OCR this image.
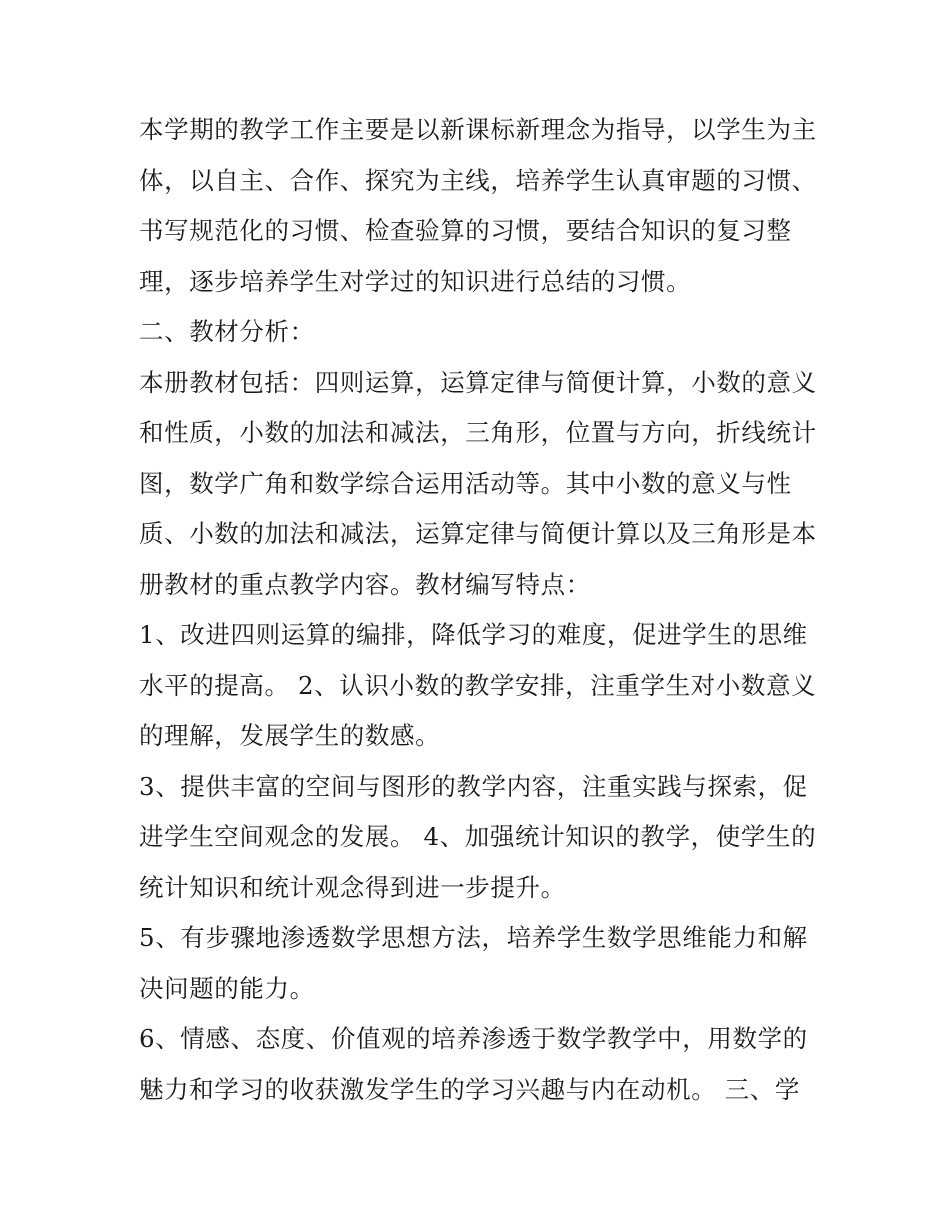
本学期的教学工作主要是以新课标新理念为指导，以学生为主
体，以自主、合作、探究为主线，培养学生认真审题的习惯、
书写规范化的习惯、检查验算的习惯，要结合知识的复习整
理，逐步培养学生对学过的知识进行总结的习惯。
二、教材分析：
本册教材包括：四则运算，运算定律与简便计算，小数的意义
和性质，小数的加法和减法，三角形，位置与方向，折线统计
图，数学广角和数学综合运用活动等。其中小数的意义与性
质、小数的加法和减法，运算定律与简便计算以及三角形是本
册教材的重点教学内容。教材编写特点：
1、改进四则运算的编排，降低学习的难度，促进学生的思维
水平的提高。 2、认识小数的教学安排，注重学生对小数意义
的理解，发展学生的数感。
3、提供丰富的空间与图形的教学内容，注重实践与探索，促
进学生空间观念的发展。 4、加强统计知识的教学，使学生的
统计知识和统计观念得到进一步提升。
5、有步骤地渗透数学思想方法，培养学生数学思维能力和解
决问题的能力。
6、情感、态度、价值观的培养渗透于数学教学中，用数学的
魅力和学习的收获激发学生的学习兴趣与内在动机。 三、学
